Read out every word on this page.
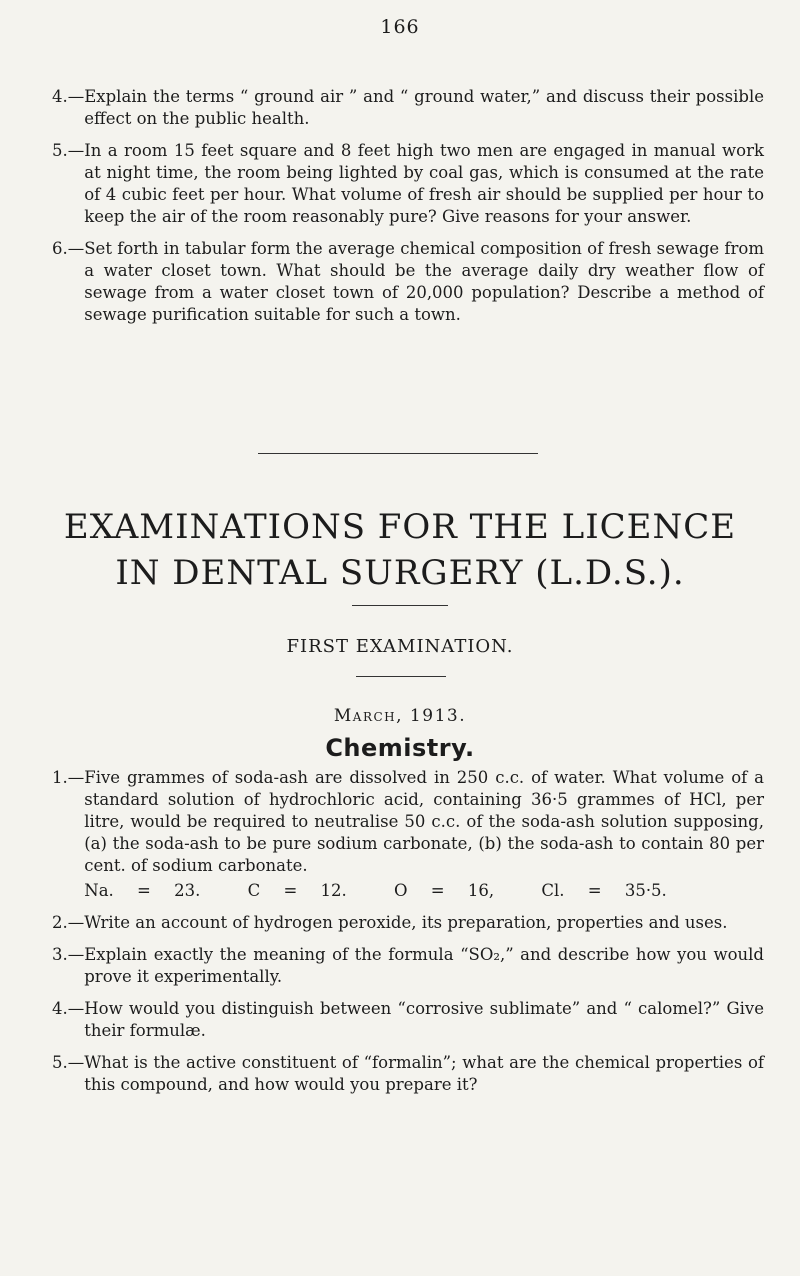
166
4.— Explain the terms “ ground air ” and “ ground water,” and discuss their possible effect on the public health.
5.— In a room 15 feet square and 8 feet high two men are engaged in manual work at night time, the room being lighted by coal gas, which is consumed at the rate of 4 cubic feet per hour. What volume of fresh air should be supplied per hour to keep the air of the room reasonably pure? Give reasons for your answer.
6.— Set forth in tabular form the average chemical composition of fresh sewage from a water closet town. What should be the average daily dry weather flow of sewage from a water closet town of 20,000 population? Describe a method of sewage purification suitable for such a town.
EXAMINATIONS FOR THE LICENCE
IN DENTAL SURGERY (L.D.S.).
FIRST EXAMINATION.
March, 1913.
Chemistry.
1.— Five grammes of soda-ash are dissolved in 250 c.c. of water. What volume of a standard solution of hydrochloric acid, containing 36·5 grammes of HCl, per litre, would be required to neutralise 50 c.c. of the soda-ash solution supposing, (a) the soda-ash to be pure sodium carbonate, (b) the soda-ash to contain 80 per cent. of sodium carbonate.
Na. = 23.	C = 12.	O = 16,	Cl. = 35·5.
2.— Write an account of hydrogen peroxide, its preparation, properties and uses.
3.— Explain exactly the meaning of the formula “SO₂,” and describe how you would prove it experimentally.
4.— How would you distinguish between “corrosive sublimate” and “ calomel?” Give their formulæ.
5.— What is the active constituent of “formalin”; what are the chemical properties of this compound, and how would you prepare it?
